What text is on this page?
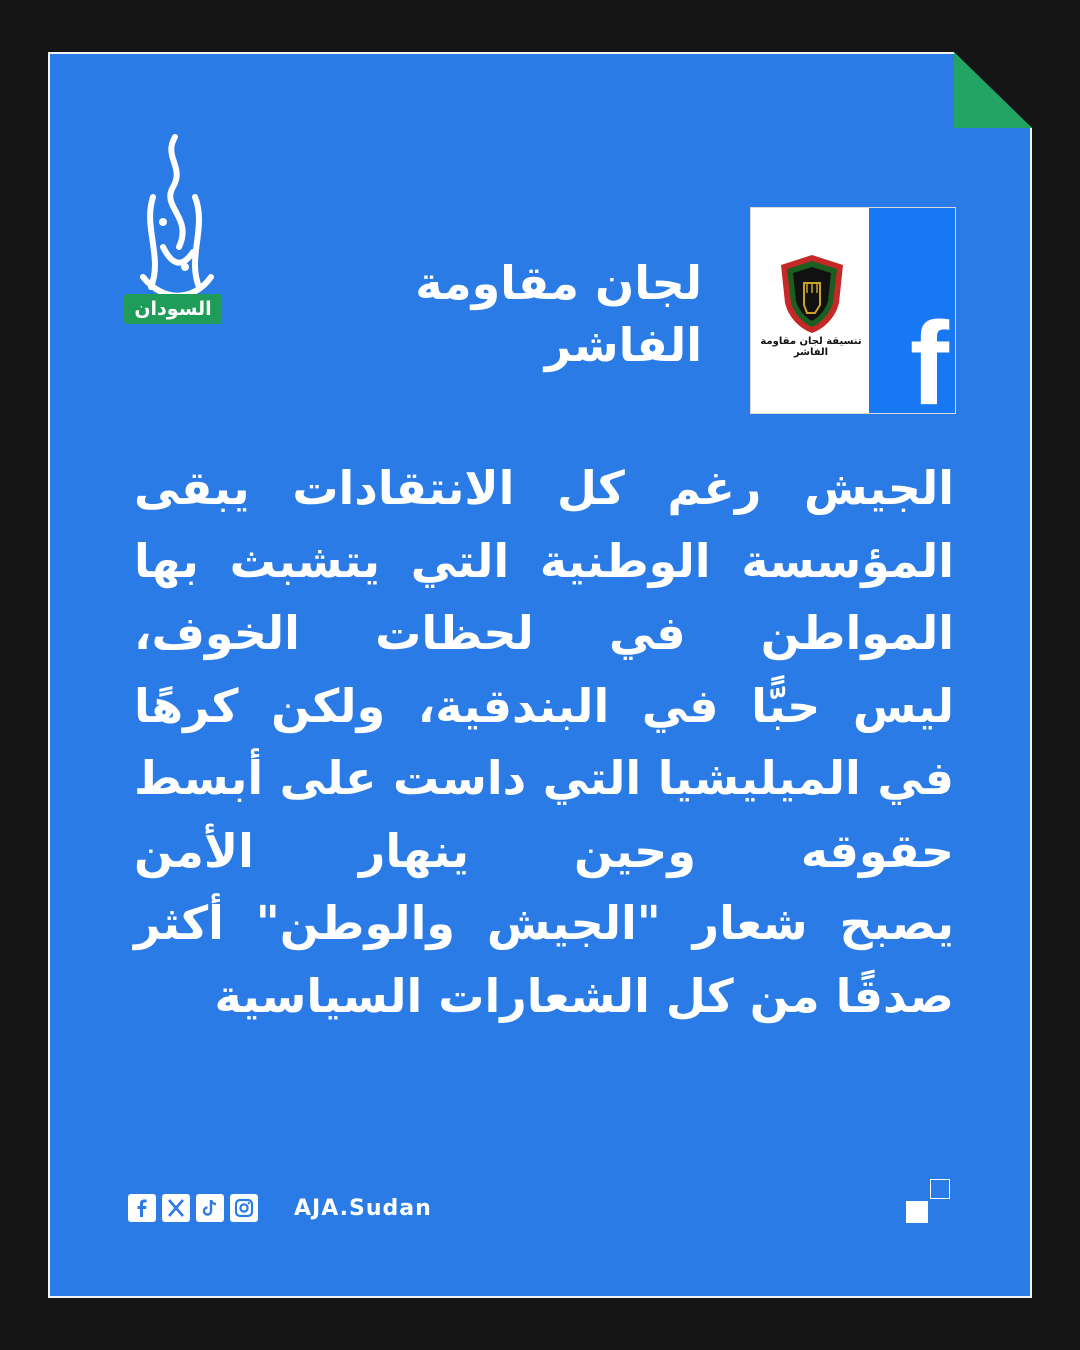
السودان	لجان مقاومة

الفاشر	تنسيقة لجان مقاومة الفاشر f
الجيش رغم كل الانتقادات يبقى
المؤسسة الوطنية التي يتشبث بها
المواطن في لحظات الخوف،
ليس حبًّا في البندقية، ولكن كرهًا
في الميليشيا التي داست على أبسط
حقوقه وحين ينهار الأمن
يصبح شعار "الجيش والوطن" أكثر
صدقًا من كل الشعارات السياسية
AJA.Sudan
